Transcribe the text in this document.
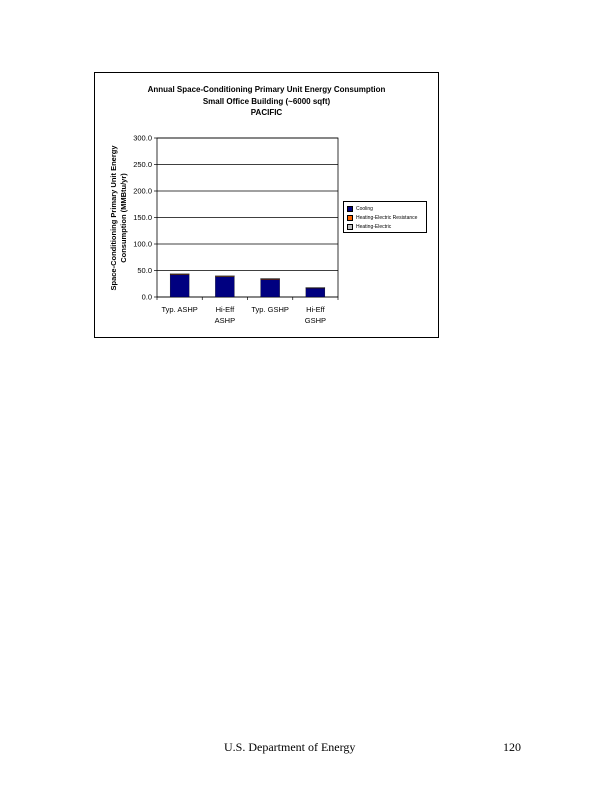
Annual Space-Conditioning Primary Unit Energy Consumption
Small Office Building (~6000 sqft)
PACIFIC
Space-Conditioning Primary Unit Energy Consumption (MMBtu/yr)
0.0
50.0
100.0
150.0
200.0
250.0
300.0
Typ. ASHP Hi-Eff
ASHP
Typ. GSHP Hi-Eff
GSHP
Cooling
Heating-Electric Resistance
Heating-Electric
U.S. Department of Energy	120
